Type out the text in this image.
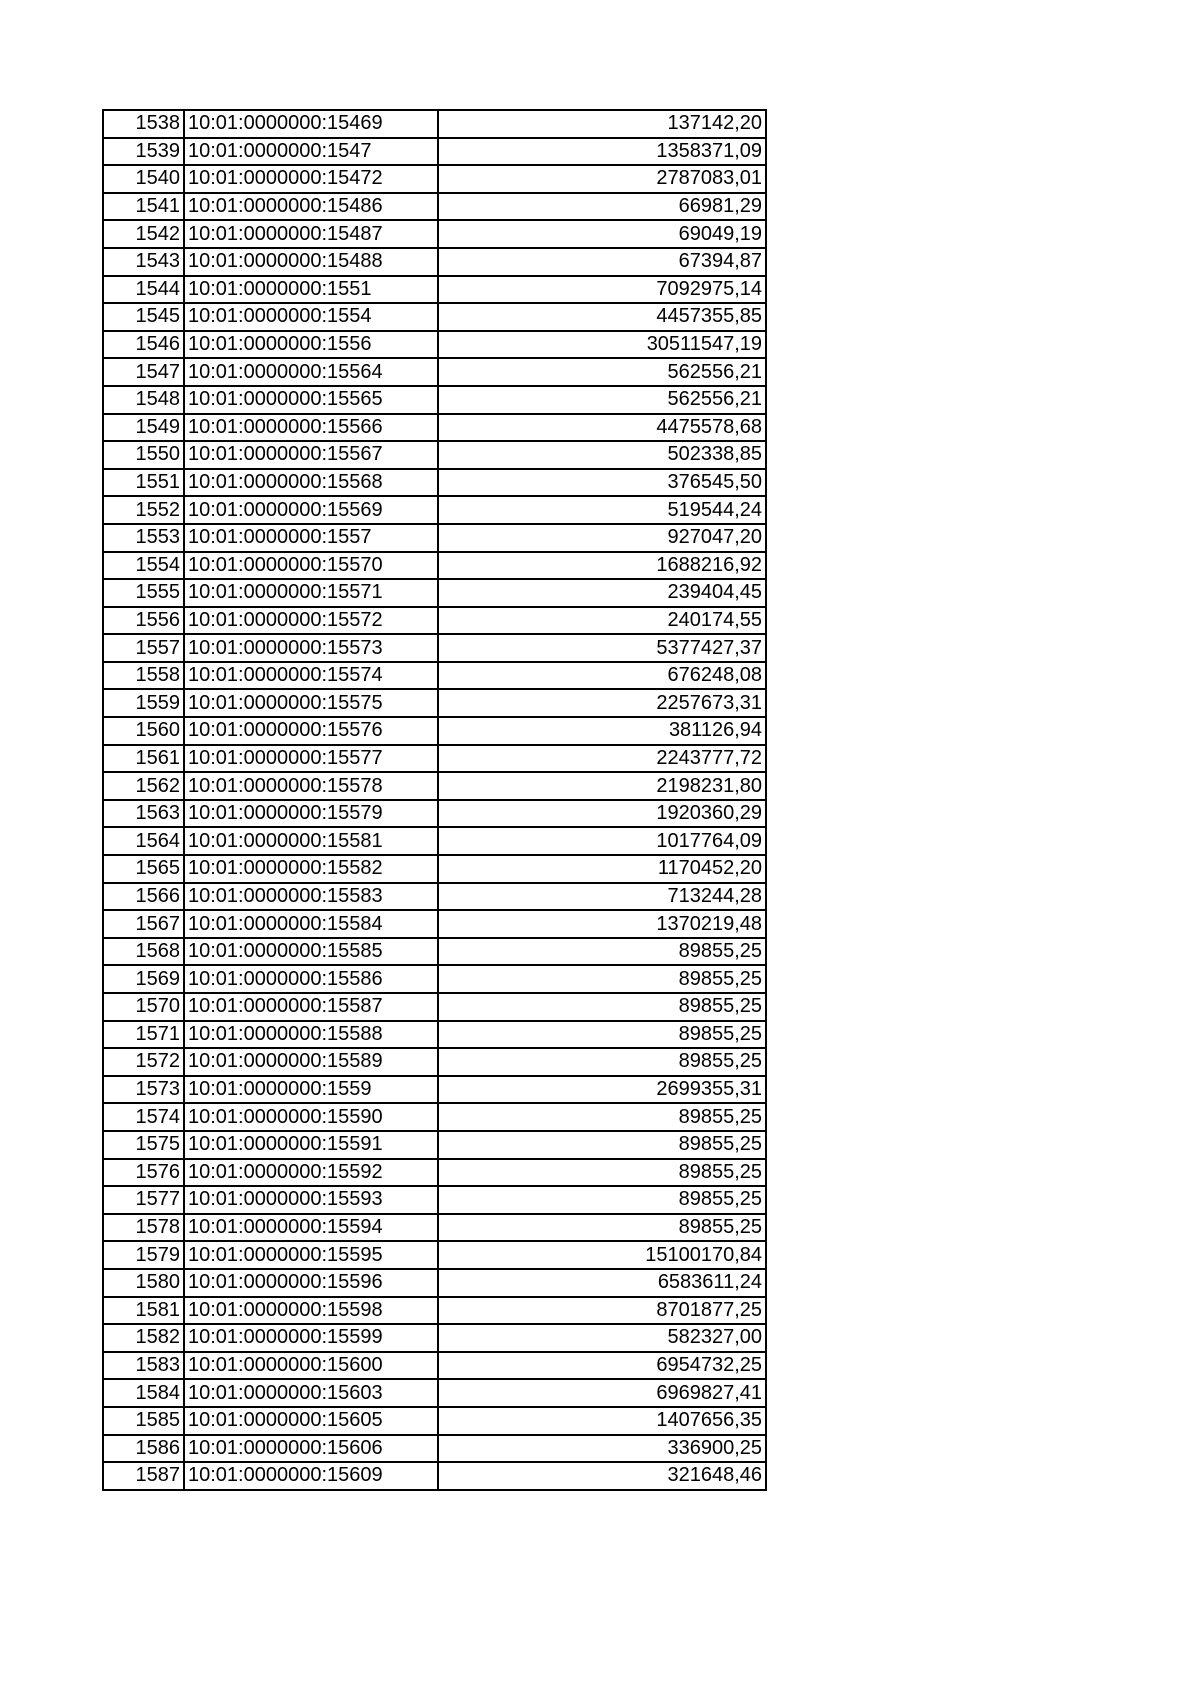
1538	10:01:0000000:15469	137142,20
1539	10:01:0000000:1547	1358371,09
1540	10:01:0000000:15472	2787083,01
1541	10:01:0000000:15486	66981,29
1542	10:01:0000000:15487	69049,19
1543	10:01:0000000:15488	67394,87
1544	10:01:0000000:1551	7092975,14
1545	10:01:0000000:1554	4457355,85
1546	10:01:0000000:1556	30511547,19
1547	10:01:0000000:15564	562556,21
1548	10:01:0000000:15565	562556,21
1549	10:01:0000000:15566	4475578,68
1550	10:01:0000000:15567	502338,85
1551	10:01:0000000:15568	376545,50
1552	10:01:0000000:15569	519544,24
1553	10:01:0000000:1557	927047,20
1554	10:01:0000000:15570	1688216,92
1555	10:01:0000000:15571	239404,45
1556	10:01:0000000:15572	240174,55
1557	10:01:0000000:15573	5377427,37
1558	10:01:0000000:15574	676248,08
1559	10:01:0000000:15575	2257673,31
1560	10:01:0000000:15576	381126,94
1561	10:01:0000000:15577	2243777,72
1562	10:01:0000000:15578	2198231,80
1563	10:01:0000000:15579	1920360,29
1564	10:01:0000000:15581	1017764,09
1565	10:01:0000000:15582	1170452,20
1566	10:01:0000000:15583	713244,28
1567	10:01:0000000:15584	1370219,48
1568	10:01:0000000:15585	89855,25
1569	10:01:0000000:15586	89855,25
1570	10:01:0000000:15587	89855,25
1571	10:01:0000000:15588	89855,25
1572	10:01:0000000:15589	89855,25
1573	10:01:0000000:1559	2699355,31
1574	10:01:0000000:15590	89855,25
1575	10:01:0000000:15591	89855,25
1576	10:01:0000000:15592	89855,25
1577	10:01:0000000:15593	89855,25
1578	10:01:0000000:15594	89855,25
1579	10:01:0000000:15595	15100170,84
1580	10:01:0000000:15596	6583611,24
1581	10:01:0000000:15598	8701877,25
1582	10:01:0000000:15599	582327,00
1583	10:01:0000000:15600	6954732,25
1584	10:01:0000000:15603	6969827,41
1585	10:01:0000000:15605	1407656,35
1586	10:01:0000000:15606	336900,25
1587	10:01:0000000:15609	321648,46
